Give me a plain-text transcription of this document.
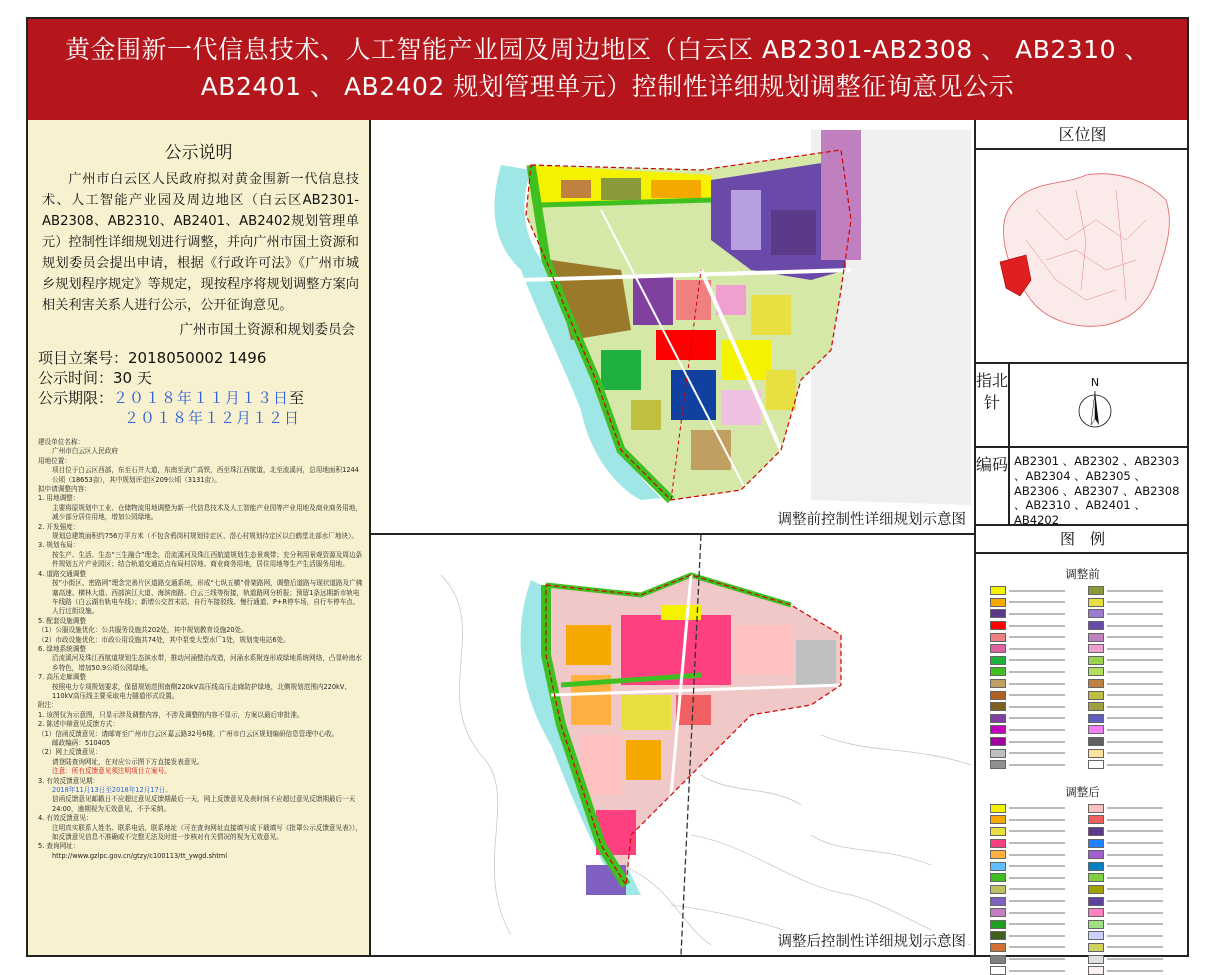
黄金围新一代信息技术、人工智能产业园及周边地区（白云区 AB2301-AB2308 、 AB2310 、
AB2401 、 AB2402 规划管理单元）控制性详细规划调整征询意见公示
公示说明
广州市白云区人民政府拟对黄金围新一代信息技术、人工智能产业园及周边地区（白云区AB2301-AB2308、AB2310、AB2401、AB2402规划管理单元）控制性详细规划进行调整，并向广州市国土资源和规划委员会提出申请，根据《行政许可法》《广州市城乡规划程序规定》等规定，现按程序将规划调整方案向相关利害关系人进行公示，公开征询意见。
广州市国土资源和规划委员会
项目立案号：2018050002 1496
公示时间：30 天
公示期限：２０１８年１１月１３日至
２０１８年１２月１２日

建设单位名称：

广州市白云区人民政府

用地位置：

项目位于白云区西部，东至石井大道，东南至武广高铁，西至珠江西航道，北至流溪河，总用地面积1244公顷（18653亩），其中规划评定区209公顷（3131亩）。

拟申请调整内容：

1. 用地调整：

主要将原规划中工业、仓储物流用地调整为新一代信息技术及人工智能产业园等产业用地及商业商务用地，减少部分居住用地，增加公园绿地。

2. 开发强度：

规划总建筑面积约756万平方米（不包含鸦岗村规划待定区、滘心村规划待定区以白鹤堂北部水厂地块）。

3. 规划布局：

按生产、生活、生态“三生融合”理念，沿流溪河及珠江西航道规划生态景观带；充分利用景观资源及周边条件规划五片产业园区；结合轨道交通站点布局村居地、商业商务用地，居住用地等生产生活服务用地。

4. 道路交通调整

按“小街区、密路网”理念完善片区道路交通系统，形成“七纵五横”骨架路网，调整后道路与现状道路及广佛塞高速、横林大道、西部滨江大道、海滨南路、白云三线等衔接，轨道路网分析报；预留1条远期新市轨电车线路（白云湖有轨电车线）；新增公交首末站、自行车接驳线、慢行通道、P+R停车场，自行车停车点、人行过街设施。

5. 配套设施调整

（1）公服设施优化：公共服务设施共202处，其中规划教育设施20处。

（2）市政设施优化：市政公用设施共74处，其中泵变大型水厂1处，规划变电站6处。

6. 绿地系统调整

沿流溪河及珠江西航道规划生态滨水带，推动河涌整治改造，河涌水系附连形成绿地系统网络，凸显岭南水乡特色，增加50.9公顷公园绿地。

7. 高压走廊调整

按照电力专项规划要求，保留规划范围南侧220kV高压线高压走廊防护绿地，北侧规划范围内220kV、110kV高压线主要采取电力隧道形式设置。

附注：

1. 该图仅为示意图，只显示涉及调整内容，不涉及调整的内容不显示，方案以最后审批准。

2. 陈述申辩意见反馈方式：

（1）信函反馈意见：请邮寄至广州市白云区嘉云路32号6楼，广州市白云区规划编研信息管理中心收。

邮政编码：510405

（2）网上反馈意见：

请登陆查询网址，在对应公示图下方直接发表意见。

注意：所有反馈意见须注明项目立案号。

3. 有效反馈意见期：

2018年11月13日至2018年12月17日。

信函反馈意见邮戳日不应超过意见反馈期最后一天，网上反馈意见及表时间不应超过意见反馈期最后一天24:00，逾期视为无效意见，不予采纳。

4. 有效反馈意见：

注明真实联系人姓名、联系电话、联系地址（可在查询网址直接填写或下载填写《批罩公示反馈意见表》），如反馈意见信息不准确或不完整无法及时进一步核对有关情况的视为无效意见。

5. 查询网址：

http://www.gzlpc.gov.cn/gtzy/c100113/tt_ywgd.shtml

调整前控制性详细规划示意图
调整后控制性详细规划示意图
区位图
指北针
N
编码 AB2301 、AB2302 、AB2303 、AB2304 、AB2305 、AB2306 、AB2307 、AB2308 、AB2310 、AB2401 、AB4202
图　例
调整前
调整后
